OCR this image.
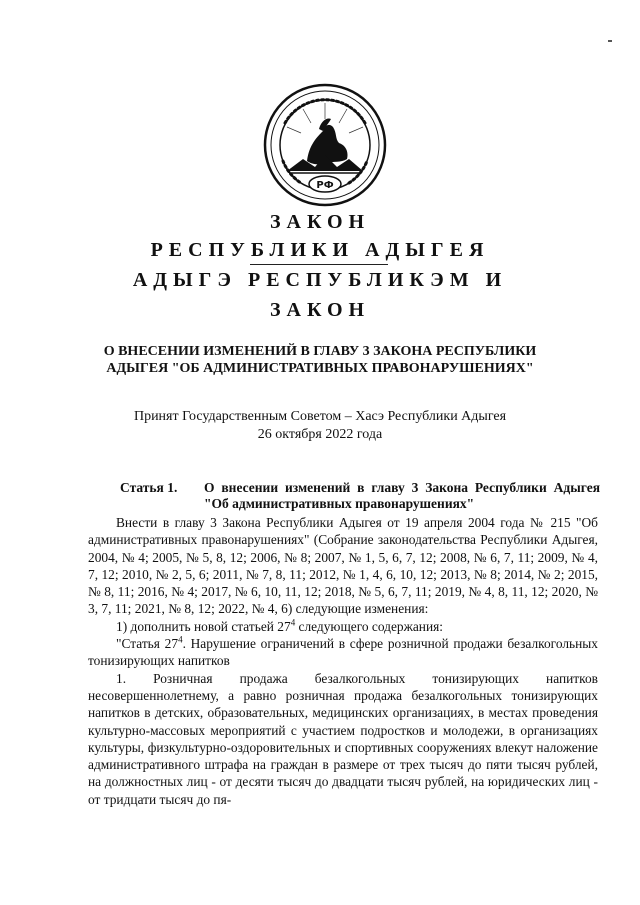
РФ
ЗАКОН
РЕСПУБЛИКИ АДЫГЕЯ
АДЫГЭ РЕСПУБЛИКЭМ И
ЗАКОН
О ВНЕСЕНИИ ИЗМЕНЕНИЙ В ГЛАВУ 3 ЗАКОНА РЕСПУБЛИКИ
АДЫГЕЯ "ОБ АДМИНИСТРАТИВНЫХ ПРАВОНАРУШЕНИЯХ"
Принят Государственным Советом – Хасэ Республики Адыгея
26 октября 2022 года
Статья 1.	О внесении изменений в главу 3 Закона Республики Адыгея "Об административных правонарушениях"

Внести в главу 3 Закона Республики Адыгея от 19 апреля 2004 года № 215 "Об административных правонарушениях" (Собрание законодательства Республики Адыгея, 2004, № 4; 2005, № 5, 8, 12; 2006, № 8; 2007, № 1, 5, 6, 7, 12; 2008, № 6, 7, 11; 2009, № 4, 7, 12; 2010, № 2, 5, 6; 2011, № 7, 8, 11; 2012, № 1, 4, 6, 10, 12; 2013, № 8; 2014, № 2; 2015, № 8, 11; 2016, № 4; 2017, № 6, 10, 11, 12; 2018, № 5, 6, 7, 11; 2019, № 4, 8, 11, 12; 2020, № 3, 7, 11; 2021, № 8, 12; 2022, № 4, 6) следующие изменения:

1) дополнить новой статьей $27^4$ следующего содержания:

"Статья $27^4$. Нарушение ограничений в сфере розничной продажи безалкогольных тонизирующих напитков

1. Розничная продажа безалкогольных тонизирующих напитков несовершеннолетнему, а равно розничная продажа безалкогольных тонизирующих напитков в детских, образовательных, медицинских организациях, в местах проведения культурно-массовых мероприятий с участием подростков и молодежи, в организациях культуры, физкультурно-оздоровительных и спортивных сооружениях влекут наложение административного штрафа на граждан в размере от трех тысяч до пяти тысяч рублей, на должностных лиц - от десяти тысяч до двадцати тысяч рублей, на юридических лиц - от тридцати тысяч до пя-
